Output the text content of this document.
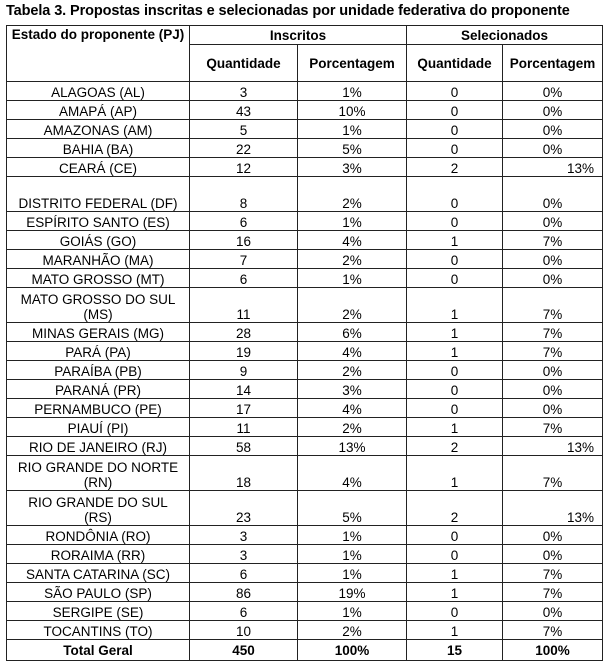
Tabela 3. Propostas inscritas e selecionadas por unidade federativa do proponente
Estado do proponente (PJ)	Inscritos		Selecionados	
	Quantidade	Porcentagem	Quantidade	Porcentagem
ALAGOAS (AL)	3	1%	0	0%
AMAPÁ (AP)	43	10%	0	0%
AMAZONAS (AM)	5	1%	0	0%
BAHIA (BA)	22	5%	0	0%
CEARÁ (CE)	12	3%	2	13%
DISTRITO FEDERAL (DF)	8	2%	0	0%
ESPÍRITO SANTO (ES)	6	1%	0	0%
GOIÁS (GO)	16	4%	1	7%
MARANHÃO (MA)	7	2%	0	0%
MATO GROSSO (MT)	6	1%	0	0%
MATO GROSSO DO SUL (MS)	11	2%	1	7%
MINAS GERAIS (MG)	28	6%	1	7%
PARÁ (PA)	19	4%	1	7%
PARAÍBA (PB)	9	2%	0	0%
PARANÁ (PR)	14	3%	0	0%
PERNAMBUCO (PE)	17	4%	0	0%
PIAUÍ (PI)	11	2%	1	7%
RIO DE JANEIRO (RJ)	58	13%	2	13%
RIO GRANDE DO NORTE (RN)	18	4%	1	7%
RIO GRANDE DO SUL (RS)	23	5%	2	13%
RONDÔNIA (RO)	3	1%	0	0%
RORAIMA (RR)	3	1%	0	0%
SANTA CATARINA (SC)	6	1%	1	7%
SÃO PAULO (SP)	86	19%	1	7%
SERGIPE (SE)	6	1%	0	0%
TOCANTINS (TO)	10	2%	1	7%
Total Geral	450	100%	15	100%
